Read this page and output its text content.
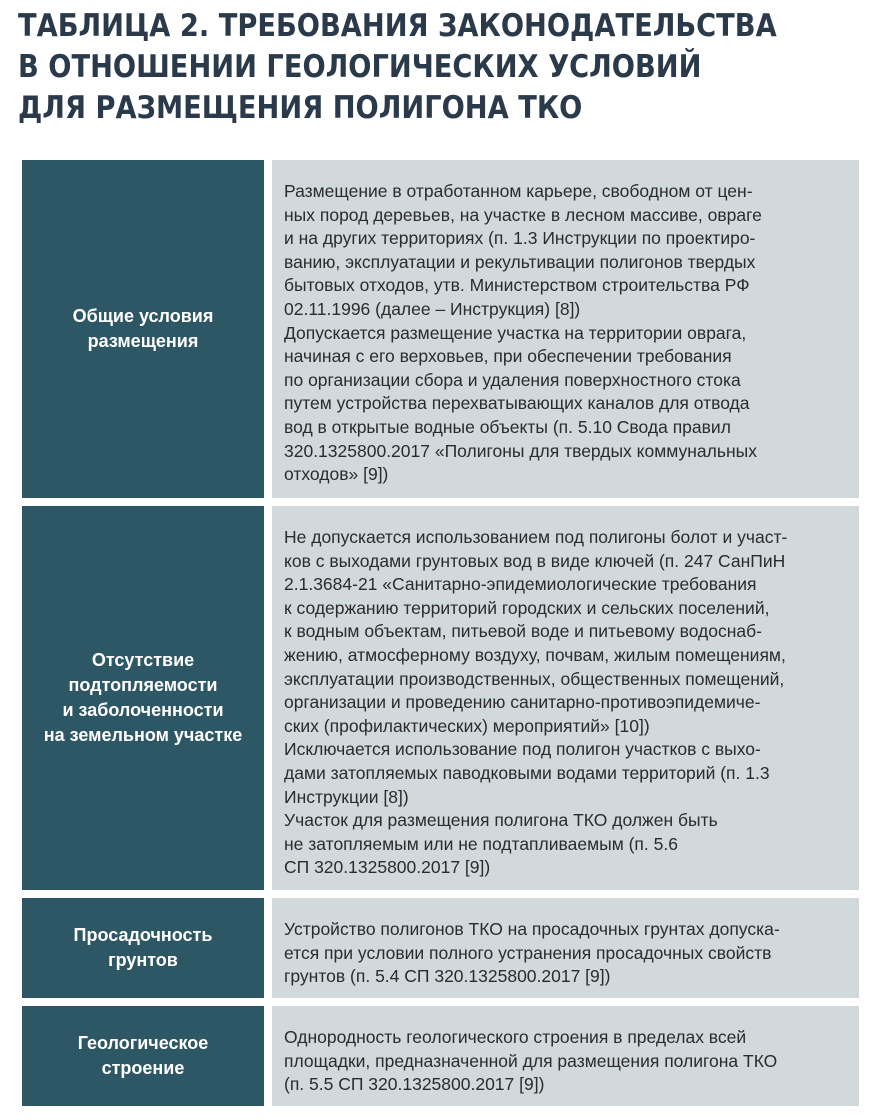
ТАБЛИЦА 2. ТРЕБОВАНИЯ ЗАКОНОДАТЕЛЬСТВА
В ОТНОШЕНИИ ГЕОЛОГИЧЕСКИХ УСЛОВИЙ
ДЛЯ РАЗМЕЩЕНИЯ ПОЛИГОНА ТКО
Общие условия
размещения

Размещение в отработанном карьере, свободном от цен-
ных пород деревьев, на участке в лесном массиве, овраге
и на других территориях (п. 1.3 Инструкции по проектиро-
ванию, эксплуатации и рекультивации полигонов твердых
бытовых отходов, утв. Министерством строительства РФ
02.11.1996 (далее – Инструкция) [8])
Допускается размещение участка на территории оврага,
начиная с его верховьев, при обеспечении требования
по организации сбора и удаления поверхностного стока
путем устройства перехватывающих каналов для отвода
вод в открытые водные объекты (п. 5.10 Свода правил
320.1325800.2017 «Полигоны для твердых коммунальных
отходов» [9])

Отсутствие
подтопляемости
и заболоченности
на земельном участке

Не допускается использованием под полигоны болот и участ-
ков с выходами грунтовых вод в виде ключей (п. 247 СанПиН
2.1.3684-21 «Санитарно-эпидемиологические требования
к содержанию территорий городских и сельских поселений,
к водным объектам, питьевой воде и питьевому водоснаб-
жению, атмосферному воздуху, почвам, жилым помещениям,
эксплуатации производственных, общественных помещений,
организации и проведению санитарно-противоэпидемиче-
ских (профилактических) мероприятий» [10])
Исключается использование под полигон участков с выхо-
дами затопляемых паводковыми водами территорий (п. 1.3
Инструкции [8])
Участок для размещения полигона ТКО должен быть
не затопляемым или не подтапливаемым (п. 5.6
СП 320.1325800.2017 [9])

Просадочность
грунтов

Устройство полигонов ТКО на просадочных грунтах допуска-
ется при условии полного устранения просадочных свойств
грунтов (п. 5.4 СП 320.1325800.2017 [9])

Геологическое
строение

Однородность геологического строения в пределах всей
площадки, предназначенной для размещения полигона ТКО
(п. 5.5 СП 320.1325800.2017 [9])
